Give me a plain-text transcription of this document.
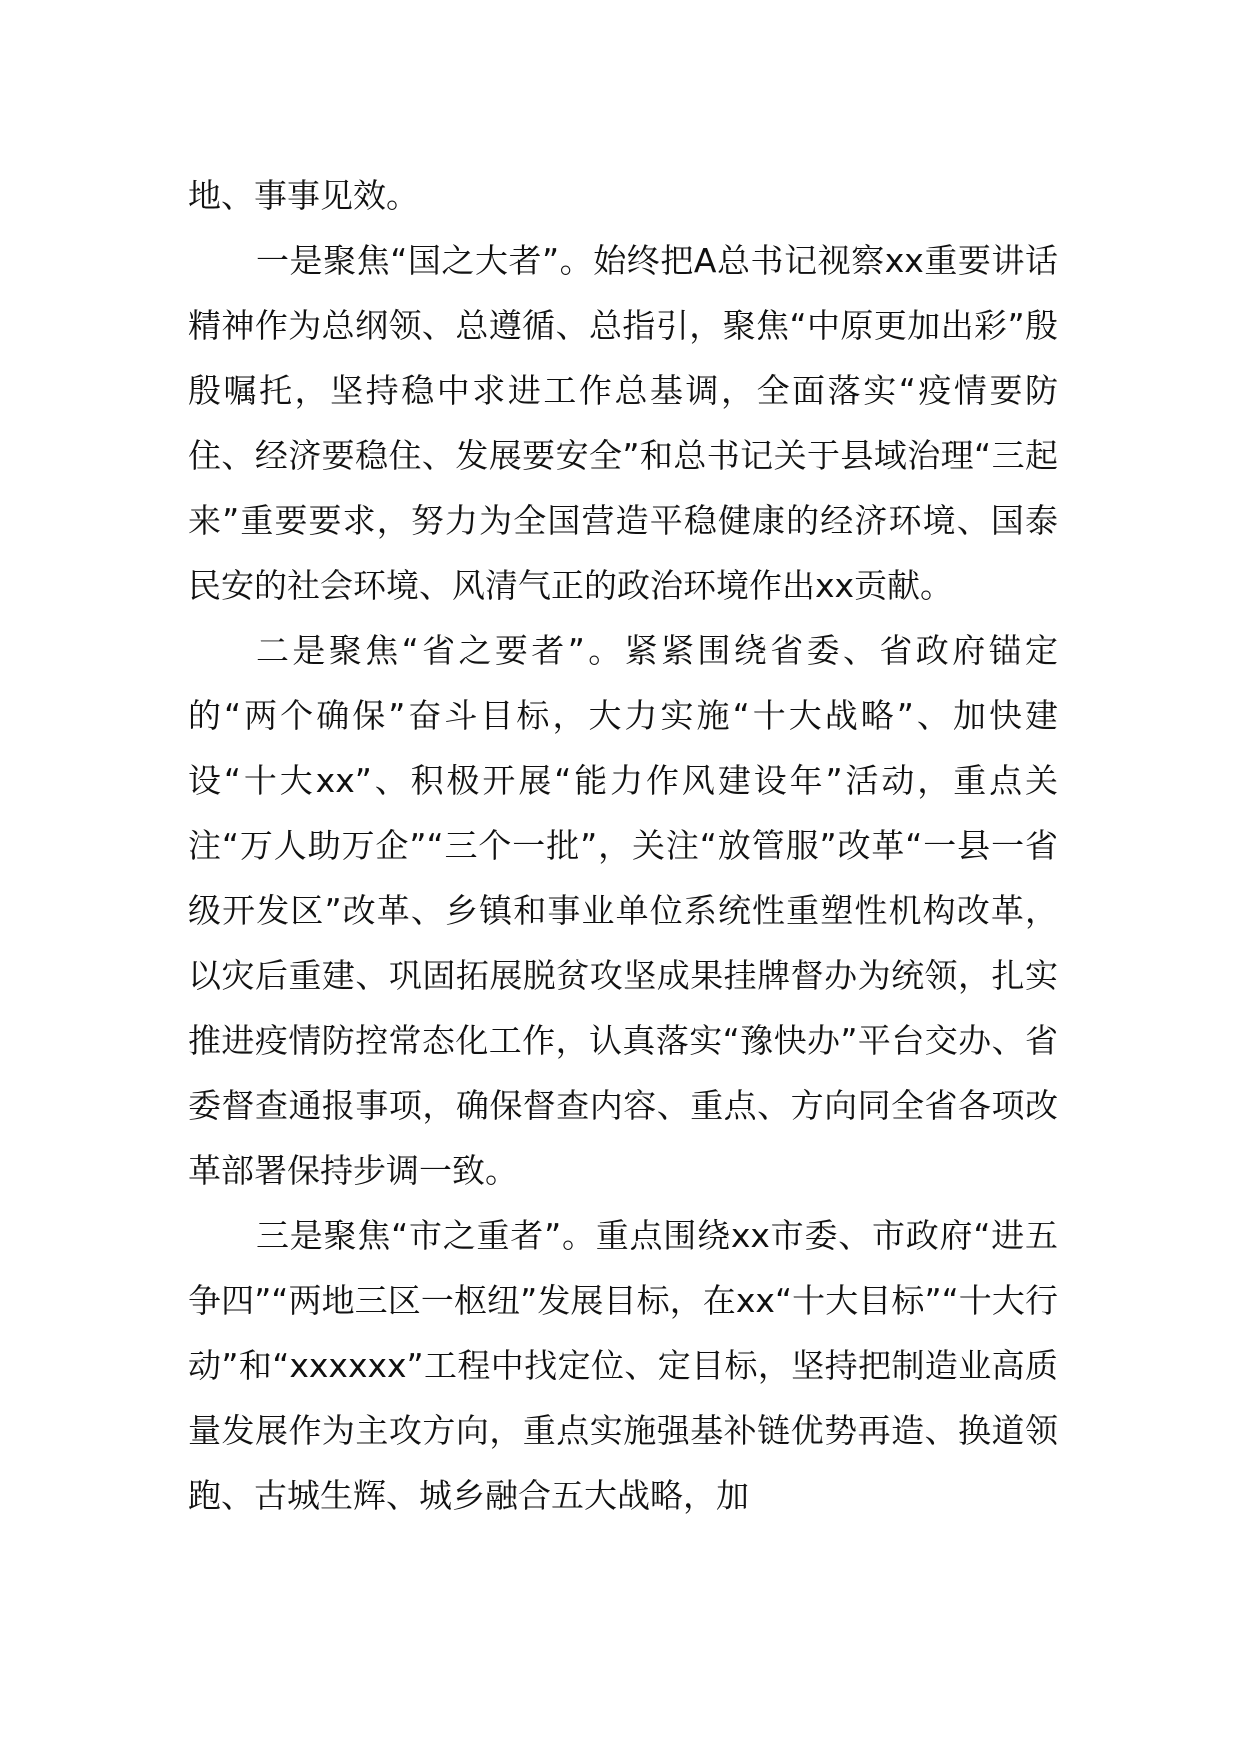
地、事事见效。

一是聚焦“国之大者”。始终把A总书记视察xx重要讲话精神作为总纲领、总遵循、总指引，聚焦“中原更加出彩”殷殷嘱托，坚持稳中求进工作总基调，全面落实“疫情要防住、经济要稳住、发展要安全”和总书记关于县域治理“三起来”重要要求，努力为全国营造平稳健康的经济环境、国泰民安的社会环境、风清气正的政治环境作出xx贡献。

二是聚焦“省之要者”。紧紧围绕省委、省政府锚定的“两个确保”奋斗目标，大力实施“十大战略”、加快建设“十大xx”、积极开展“能力作风建设年”活动，重点关注“万人助万企”“三个一批”，关注“放管服”改革“一县一省级开发区”改革、乡镇和事业单位系统性重塑性机构改革，以灾后重建、巩固拓展脱贫攻坚成果挂牌督办为统领，扎实推进疫情防控常态化工作，认真落实“豫快办”平台交办、省委督查通报事项，确保督查内容、重点、方向同全省各项改革部署保持步调一致。

三是聚焦“市之重者”。重点围绕xx市委、市政府“进五争四”“两地三区一枢纽”发展目标，在xx“十大目标”“十大行动”和“xxxxxx”工程中找定位、定目标，坚持把制造业高质量发展作为主攻方向，重点实施强基补链优势再造、换道领跑、古城生辉、城乡融合五大战略，加
